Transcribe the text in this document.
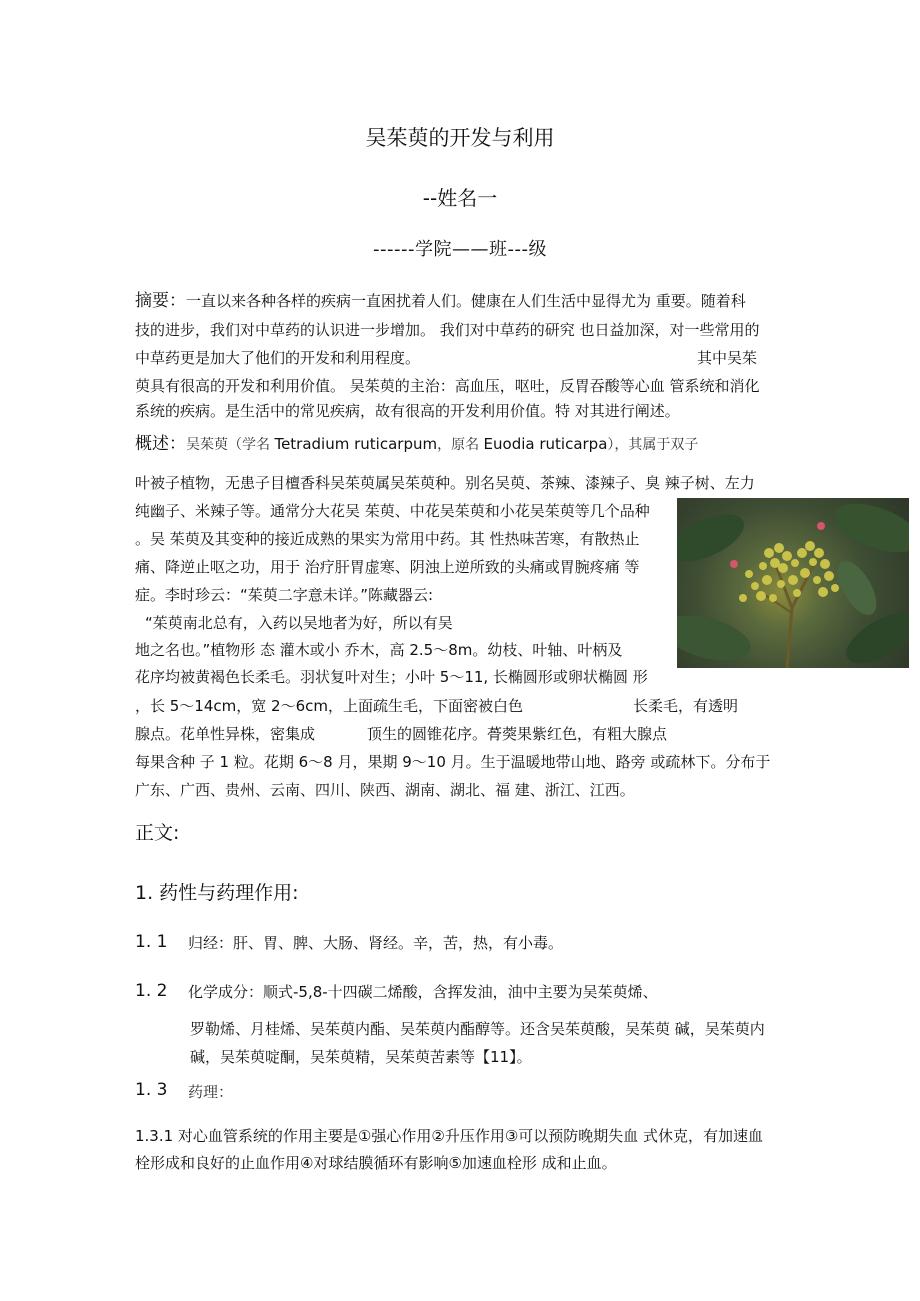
吴茱萸的开发与利用
--姓名一
------学院——班---级
摘要：一直以来各种各样的疾病一直困扰着人们。健康在人们生活中显得尤为 重要。随着科
技的进步，我们对中草药的认识进一步增加。 我们对中草药的研究 也日益加深，对一些常用的
中草药更是加大了他们的开发和利用程度。	其中吴茱
萸具有很高的开发和利用价值。 吴茱萸的主治：高血压，呕吐，反胃吞酸等心血 管系统和消化
系统的疾病。是生活中的常见疾病，故有很高的开发利用价值。特 对其进行阐述。
概述：吴茱萸（学名 Tetradium ruticarpum，原名 Euodia ruticarpa），其属于双子
叶被子植物，无患子目檀香科吴茱萸属吴茱萸种。别名吴萸、茶辣、漆辣子、臭 辣子树、左力
纯幽子、米辣子等。通常分大花吴 茱萸、中花吴茱萸和小花吴茱萸等几个品种
。吴 茱萸及其变种的接近成熟的果实为常用中药。其 性热味苦寒，有散热止
痛、降逆止呕之功，用于 治疗肝胃虚寒、阴浊上逆所致的头痛或胃腕疼痛 等
症。李时珍云：“茱萸二字意未详。”陈藏器云:
“茱萸南北总有，入药以吴地者为好，所以有吴
地之名也。”植物形 态 灌木或小 乔木，高 2.5〜8m。幼枝、叶轴、叶柄及
花序均被黄褐色长柔毛。羽状复叶对生；小叶 5〜11, 长椭圆形或卵状椭圆 形
，长 5〜14cm，宽 2〜6cm，上面疏生毛，下面密被白色	长柔毛，有透明
腺点。花单性异株，密集成	顶生的圆锥花序。蓇葖果紫红色，有粗大腺点
每果含种 子 1 粒。花期 6〜8 月，果期 9〜10 月。生于温暖地带山地、路旁 或疏林下。分布于
广东、广西、贵州、云南、四川、陕西、湖南、湖北、福 建、浙江、江西。
正文:
1. 药性与药理作用:
1. 1 归经：肝、胃、脾、大肠、肾经。辛，苦，热，有小毒。
1. 2 化学成分：顺式-5,8-十四碳二烯酸，含挥发油，油中主要为吴茱萸烯、
罗勒烯、月桂烯、吴茱萸内酯、吴茱萸内酯醇等。还含吴茱萸酸，吴茱萸 碱，吴茱萸内
碱，吴茱萸啶酮，吴茱萸精，吴茱萸苦素等【11】。
1. 3 药理：
1.3.1 对心血管系统的作用主要是①强心作用②升压作用③可以预防晚期失血 式休克，有加速血
栓形成和良好的止血作用④对球结膜循环有影响⑤加速血栓形 成和止血。
